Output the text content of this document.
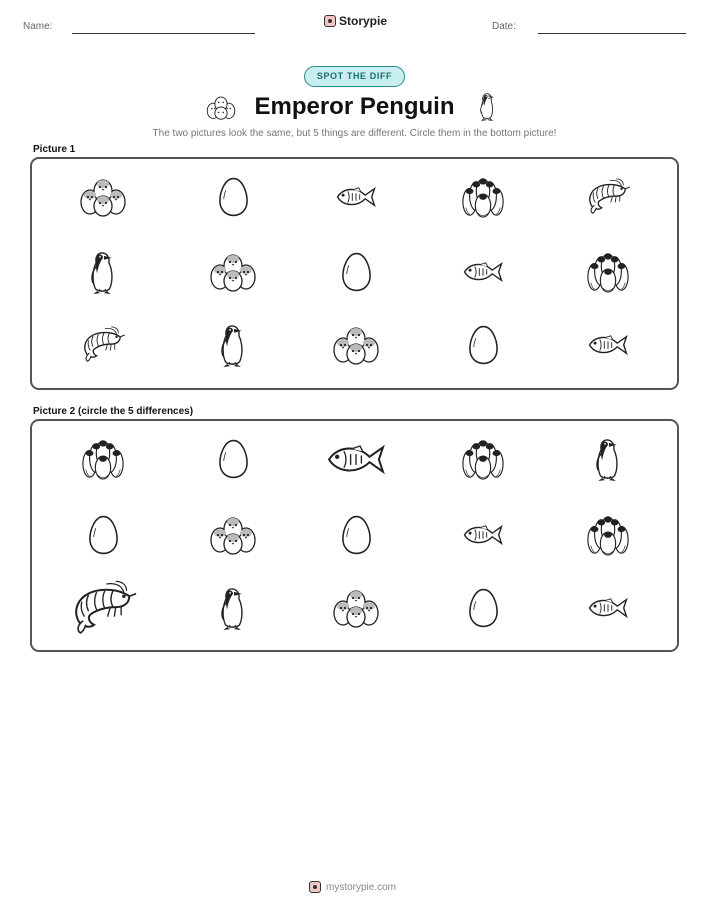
Name:	Storypie	Date:
SPOT THE DIFF
Emperor Penguin
The two pictures look the same, but 5 things are different. Circle them in the bottom picture!
Picture 1
Picture 2 (circle the 5 differences)
mystorypie.com
